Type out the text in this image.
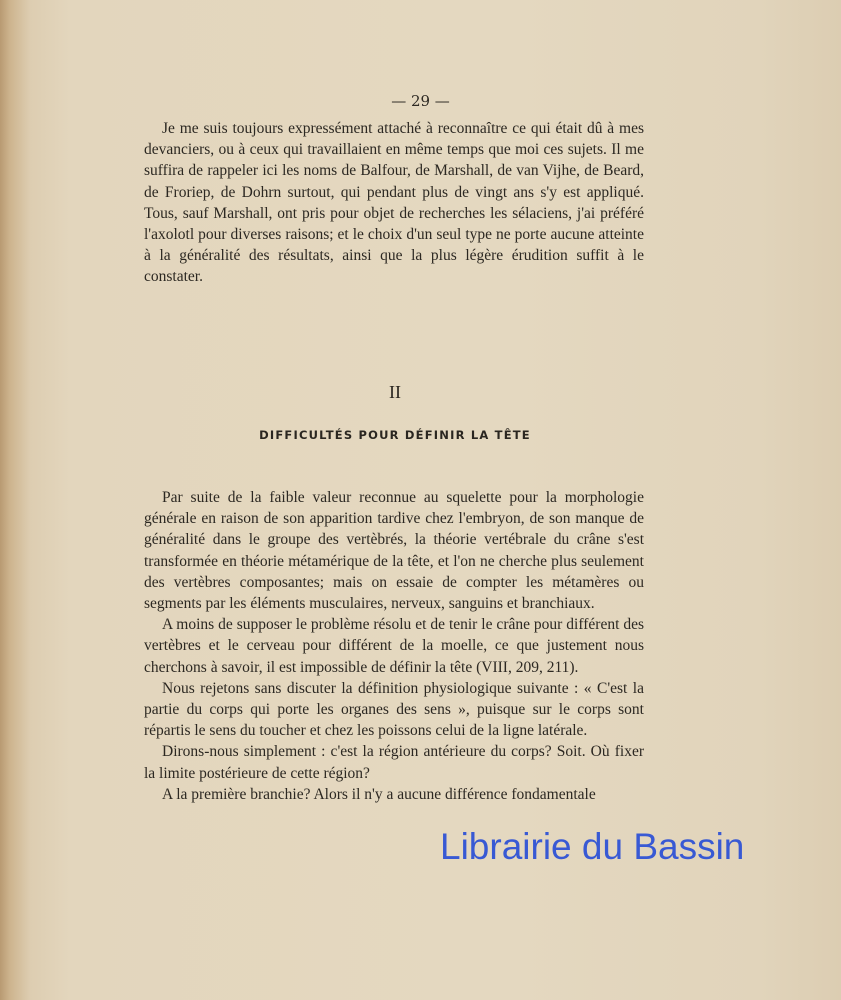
— 29 —

Je me suis toujours expressément attaché à reconnaître ce qui était dû à mes devanciers, ou à ceux qui travaillaient en même temps que moi ces sujets. Il me suffira de rappeler ici les noms de Balfour, de Marshall, de van Vijhe, de Beard, de Froriep, de Dohrn surtout, qui pendant plus de vingt ans s'y est appliqué. Tous, sauf Marshall, ont pris pour objet de recherches les sélaciens, j'ai préféré l'axolotl pour diverses raisons; et le choix d'un seul type ne porte aucune atteinte à la généralité des résultats, ainsi que la plus légère érudition suffit à le constater.

II
DIFFICULTÉS POUR DÉFINIR LA TÊTE

Par suite de la faible valeur reconnue au squelette pour la morphologie générale en raison de son apparition tardive chez l'embryon, de son manque de généralité dans le groupe des vertèbrés, la théorie vertébrale du crâne s'est transformée en théorie métamérique de la tête, et l'on ne cherche plus seulement des vertèbres composantes; mais on essaie de compter les métamères ou segments par les éléments musculaires, nerveux, sanguins et branchiaux.

A moins de supposer le problème résolu et de tenir le crâne pour différent des vertèbres et le cerveau pour différent de la moelle, ce que justement nous cherchons à savoir, il est impossible de définir la tête (VIII, 209, 211).

Nous rejetons sans discuter la définition physiologique suivante : « C'est la partie du corps qui porte les organes des sens », puisque sur le corps sont répartis le sens du toucher et chez les poissons celui de la ligne latérale.

Dirons-nous simplement : c'est la région antérieure du corps? Soit. Où fixer la limite postérieure de cette région?

A la première branchie? Alors il n'y a aucune différence fondamentale

Librairie du Bassin
